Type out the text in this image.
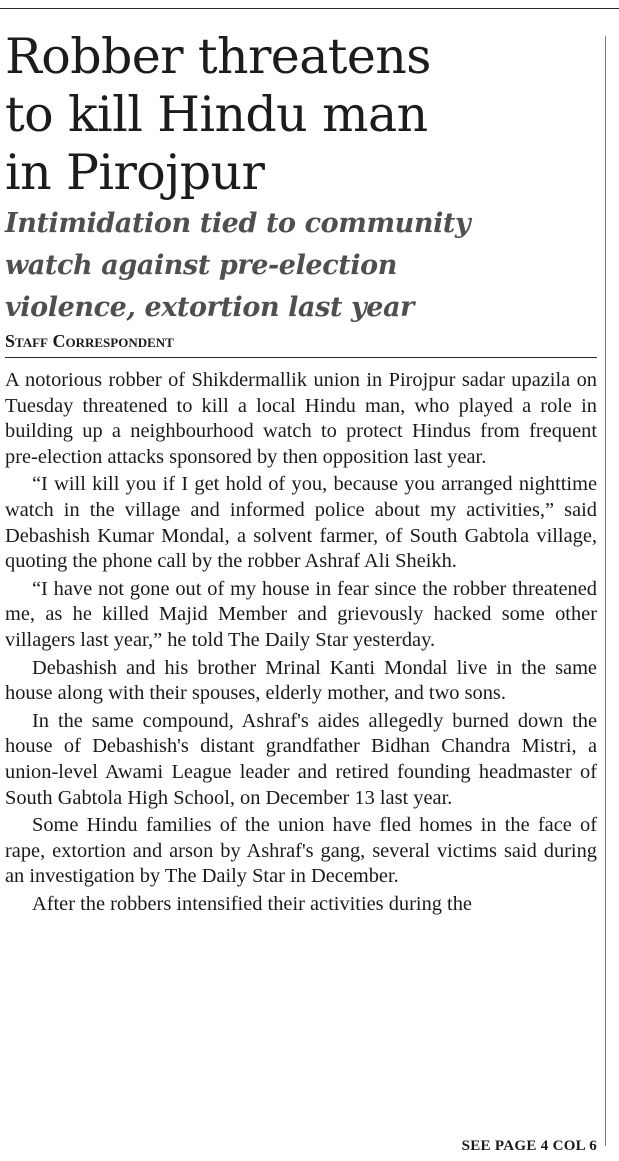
Robber threatens
to kill Hindu man
in Pirojpur
Intimidation tied to community
watch against pre-election
violence, extortion last year
Staff Correspondent

A notorious robber of Shikdermallik union in Pirojpur sadar upazila on Tuesday threatened to kill a local Hindu man, who played a role in building up a neighbourhood watch to protect Hindus from frequent pre-election attacks sponsored by then opposition last year.

“I will kill you if I get hold of you, because you arranged nighttime watch in the village and informed police about my activities,” said Debashish Kumar Mondal, a solvent farmer, of South Gabtola village, quoting the phone call by the robber Ashraf Ali Sheikh.

“I have not gone out of my house in fear since the robber threatened me, as he killed Majid Member and grievously hacked some other villagers last year,” he told The Daily Star yesterday.

Debashish and his brother Mrinal Kanti Mondal live in the same house along with their spouses, elderly mother, and two sons.

In the same compound, Ashraf's aides allegedly burned down the house of Debashish's distant grandfather Bidhan Chandra Mistri, a union-level Awami League leader and retired founding headmaster of South Gabtola High School, on December 13 last year.

Some Hindu families of the union have fled homes in the face of rape, extortion and arson by Ashraf's gang, several victims said during an investigation by The Daily Star in December.

After the robbers intensified their activities during the

SEE PAGE 4 COL 6
